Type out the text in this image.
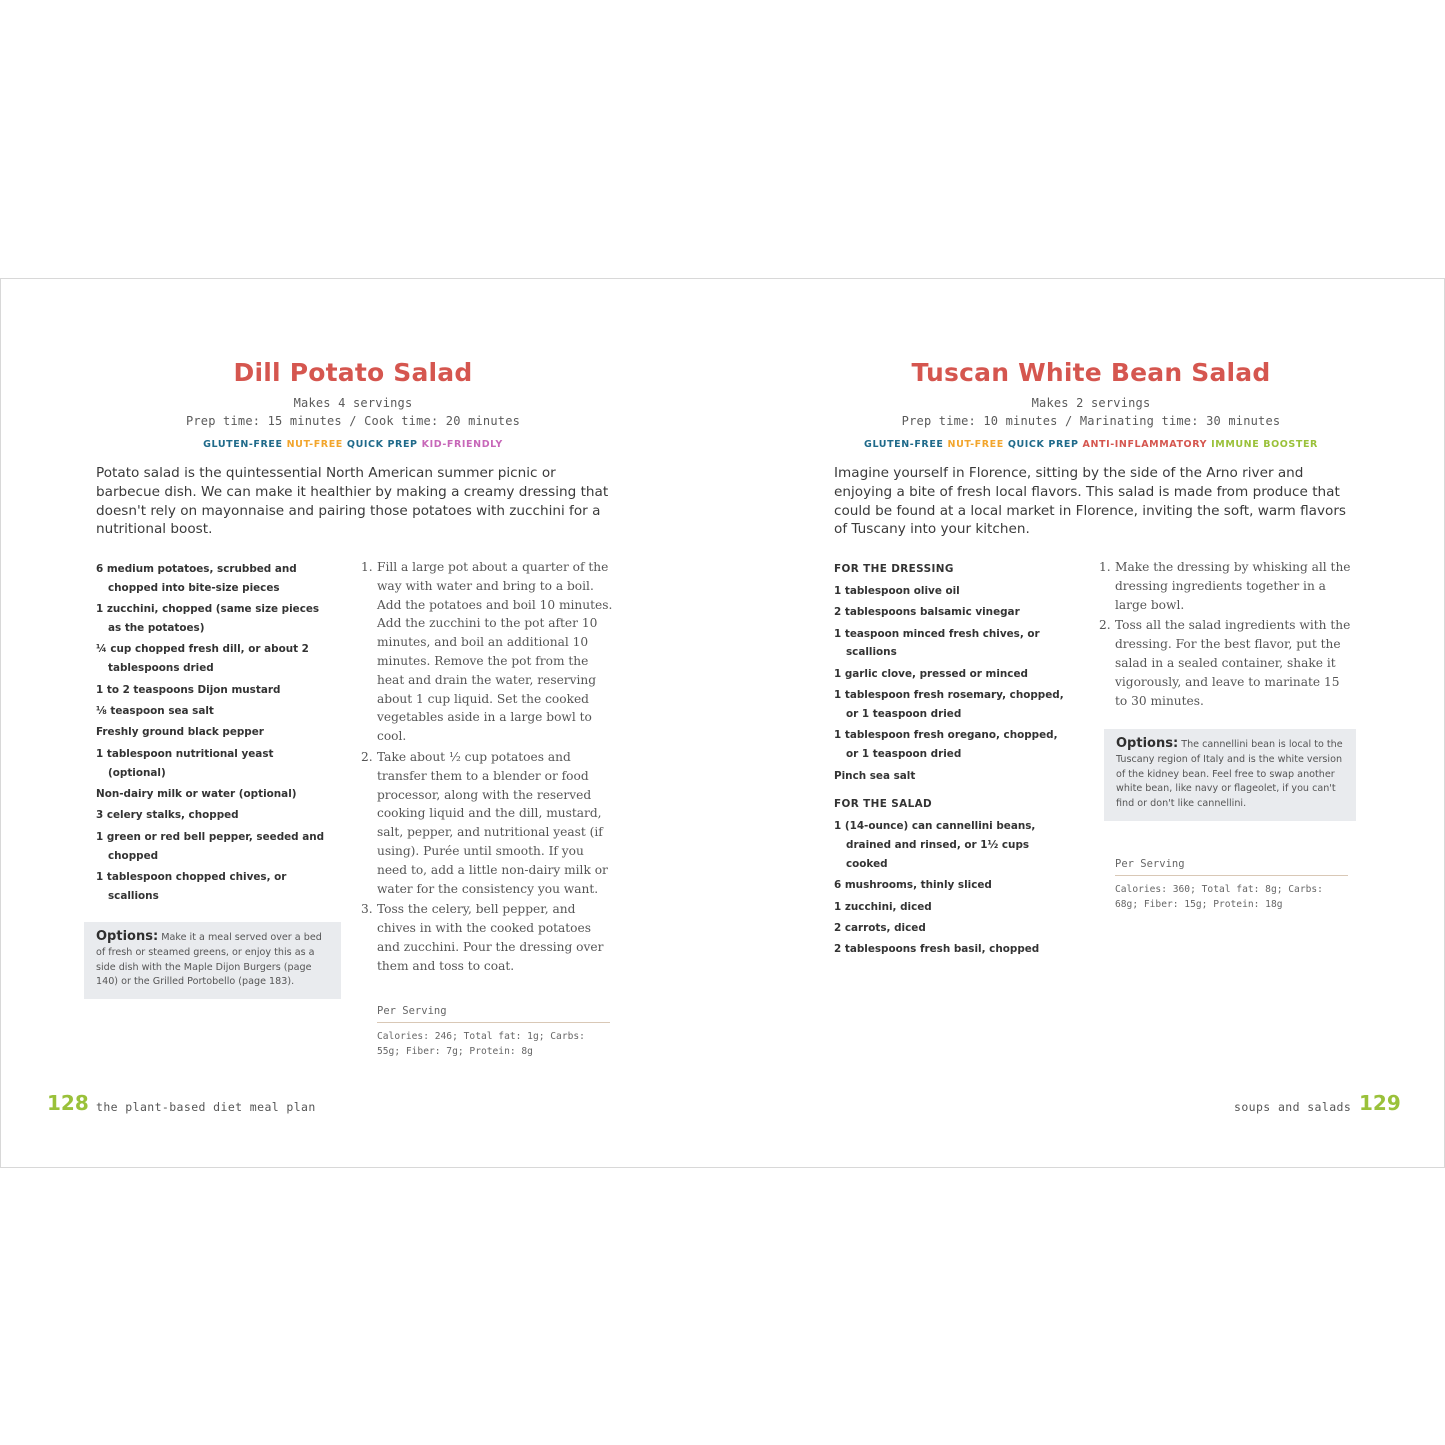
Dill Potato Salad
Makes 4 servings
Prep time: 15 minutes / Cook time: 20 minutes
GLUTEN-FREE NUT-FREE QUICK PREP KID-FRIENDLY
Potato salad is the quintessential North American summer picnic or barbecue dish. We can make it healthier by making a creamy dressing that doesn't rely on mayonnaise and pairing those potatoes with zucchini for a nutritional boost.
6 medium potatoes, scrubbed and chopped into bite-size pieces
1 zucchini, chopped (same size pieces as the potatoes)
¼ cup chopped fresh dill, or about 2 tablespoons dried
1 to 2 teaspoons Dijon mustard
⅛ teaspoon sea salt
Freshly ground black pepper
1 tablespoon nutritional yeast (optional)
Non-dairy milk or water (optional)
3 celery stalks, chopped
1 green or red bell pepper, seeded and chopped
1 tablespoon chopped chives, or scallions
Options: Make it a meal served over a bed of fresh or steamed greens, or enjoy this as a side dish with the Maple Dijon Burgers (page 140) or the Grilled Portobello (page 183).
1. Fill a large pot about a quarter of the way with water and bring to a boil. Add the potatoes and boil 10 minutes. Add the zucchini to the pot after 10 minutes, and boil an additional 10 minutes. Remove the pot from the heat and drain the water, reserving about 1 cup liquid. Set the cooked vegetables aside in a large bowl to cool.
2. Take about ½ cup potatoes and transfer them to a blender or food processor, along with the reserved cooking liquid and the dill, mustard, salt, pepper, and nutritional yeast (if using). Purée until smooth. If you need to, add a little non-dairy milk or water for the consistency you want.
3. Toss the celery, bell pepper, and chives in with the cooked potatoes and zucchini. Pour the dressing over them and toss to coat.
Per Serving
Calories: 246; Total fat: 1g; Carbs: 55g; Fiber: 7g; Protein: 8g
128 the plant-based diet meal plan
Tuscan White Bean Salad
Makes 2 servings
Prep time: 10 minutes / Marinating time: 30 minutes
GLUTEN-FREE NUT-FREE QUICK PREP ANTI-INFLAMMATORY IMMUNE BOOSTER
Imagine yourself in Florence, sitting by the side of the Arno river and enjoying a bite of fresh local flavors. This salad is made from produce that could be found at a local market in Florence, inviting the soft, warm flavors of Tuscany into your kitchen.
FOR THE DRESSING
1 tablespoon olive oil
2 tablespoons balsamic vinegar
1 teaspoon minced fresh chives, or scallions
1 garlic clove, pressed or minced
1 tablespoon fresh rosemary, chopped, or 1 teaspoon dried
1 tablespoon fresh oregano, chopped, or 1 teaspoon dried
Pinch sea salt
FOR THE SALAD
1 (14-ounce) can cannellini beans, drained and rinsed, or 1½ cups cooked
6 mushrooms, thinly sliced
1 zucchini, diced
2 carrots, diced
2 tablespoons fresh basil, chopped
1. Make the dressing by whisking all the dressing ingredients together in a large bowl.
2. Toss all the salad ingredients with the dressing. For the best flavor, put the salad in a sealed container, shake it vigorously, and leave to marinate 15 to 30 minutes.
Options: The cannellini bean is local to the Tuscany region of Italy and is the white version of the kidney bean. Feel free to swap another white bean, like navy or flageolet, if you can't find or don't like cannellini.
Per Serving
Calories: 360; Total fat: 8g; Carbs: 68g; Fiber: 15g; Protein: 18g
soups and salads 129
